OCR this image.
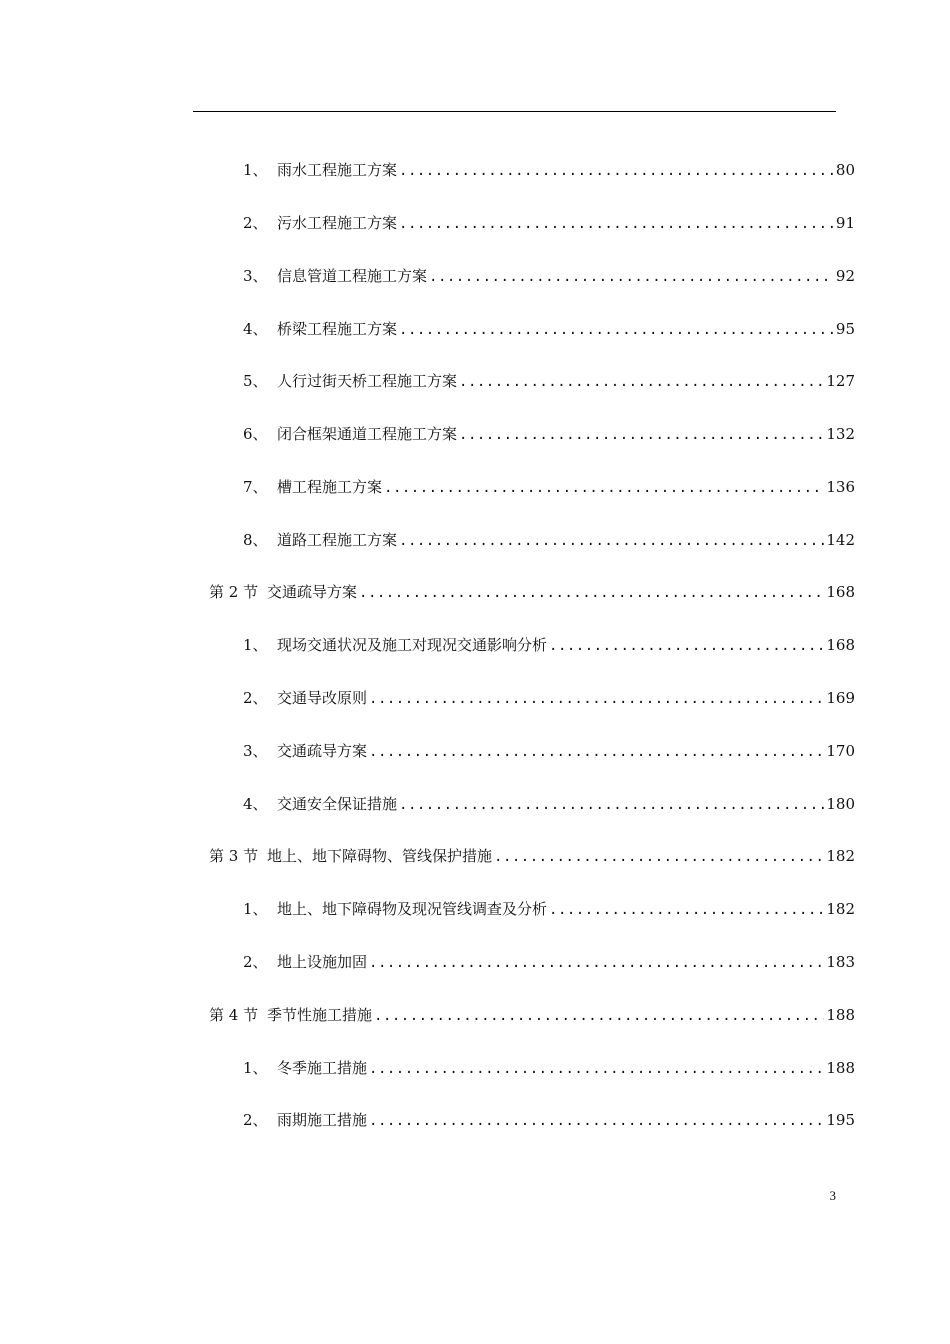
1、 雨水工程施工方案 .....	80
2、 污水工程施工方案 .....	91
3、 信息管道工程施工方案 .....	92
4、 桥梁工程施工方案 .....	95
5、 人行过街天桥工程施工方案 .....	127
6、 闭合框架通道工程施工方案 .....	132
7、 槽工程施工方案 .....	136
8、 道路工程施工方案 .....	142
第 2 节 交通疏导方案 .....	168
1、 现场交通状况及施工对现况交通影响分析 .....	168
2、 交通导改原则 .....	169
3、 交通疏导方案 .....	170
4、 交通安全保证措施 .....	180
第 3 节 地上、地下障碍物、管线保护措施 .....	182
1、 地上、地下障碍物及现况管线调查及分析 .....	182
2、 地上设施加固 .....	183
第 4 节 季节性施工措施 .....	188
1、 冬季施工措施 .....	188
2、 雨期施工措施 .....	195
3
